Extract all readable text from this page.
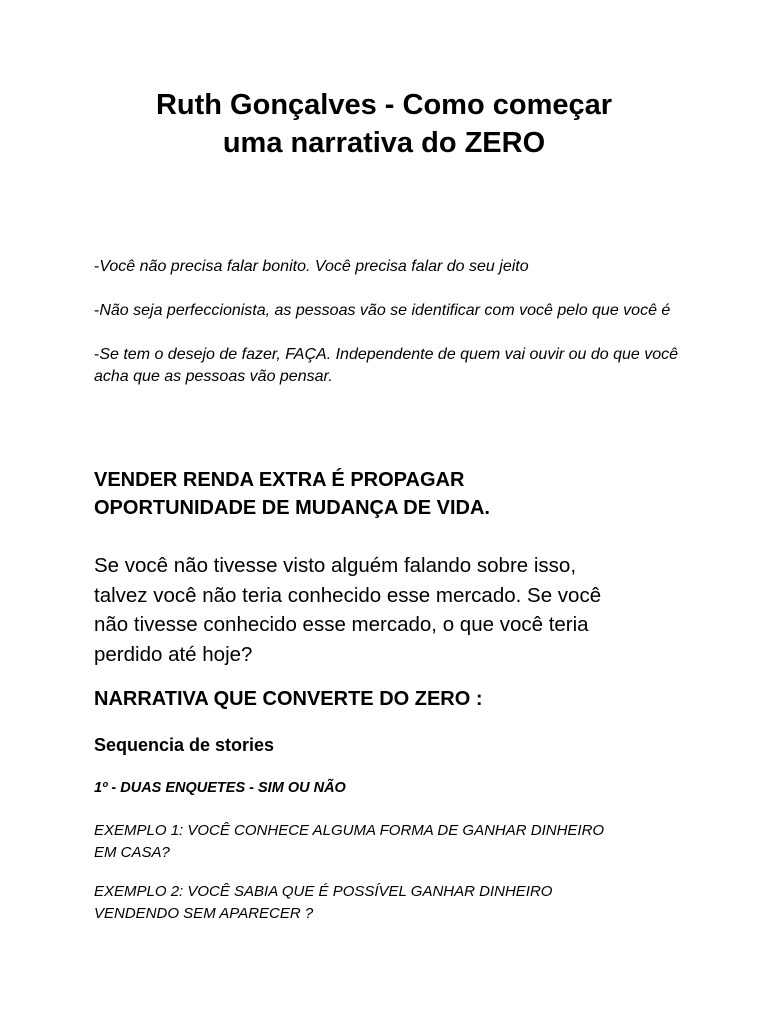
Ruth Gonçalves - Como começar
uma narrativa do ZERO
-Você não precisa falar bonito. Você precisa falar do seu jeito
-Não seja perfeccionista, as pessoas vão se identificar com você pelo que você é
-Se tem o desejo de fazer, FAÇA. Independente de quem vai ouvir ou do que você acha que as pessoas vão pensar.
VENDER RENDA EXTRA É PROPAGAR
OPORTUNIDADE DE MUDANÇA DE VIDA.

Se você não tivesse visto alguém falando sobre isso,
talvez você não teria conhecido esse mercado. Se você
não tivesse conhecido esse mercado, o que você teria
perdido até hoje?

NARRATIVA QUE CONVERTE DO ZERO :
Sequencia de stories
1º - DUAS ENQUETES - SIM OU NÃO
EXEMPLO 1: VOCÊ CONHECE ALGUMA FORMA DE GANHAR DINHEIRO
EM CASA?
EXEMPLO 2: VOCÊ SABIA QUE É POSSÍVEL GANHAR DINHEIRO
VENDENDO SEM APARECER ?
